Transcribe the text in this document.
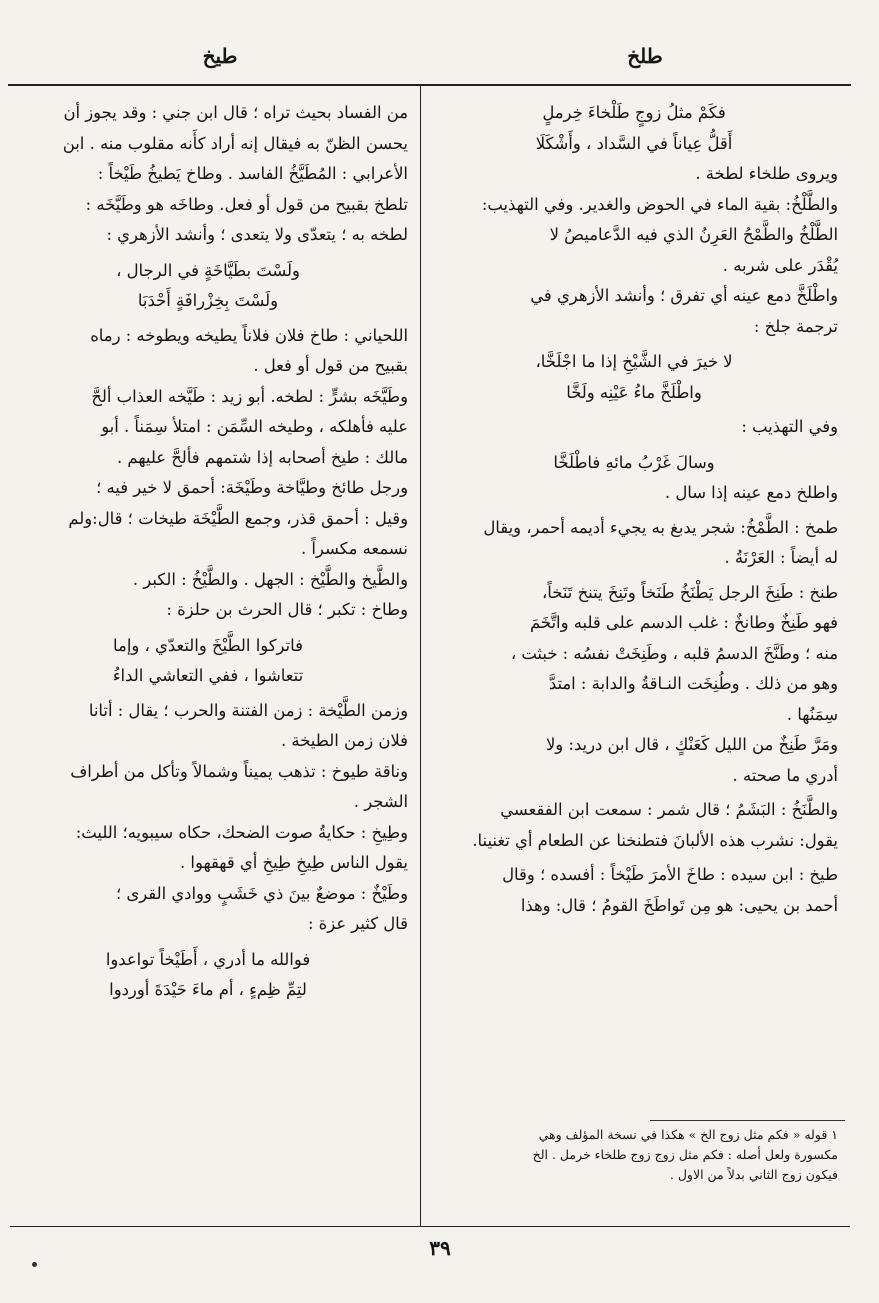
طلخ
طيخ

فكَمْ مثلُ زوجٍ طَلْخاءَ خِرملٍ

أَقلُّ عِياناً في السَّداد ، وأَشْكَلَا

ويروى طلخاء لطخة .

والطَّلْخُ: بقية الماء في الحوض والغدير. وفي التهذيب:

الطَّلْخُ والطَّمْحُ العَرِنُ الذي فيه الدَّعاميصُ لا

يُقْدَر على شربه .

واطْلَخَّ دمع عينه أي تفرق ؛ وأنشد الأزهري في

ترجمة جلخ :

لا خيرَ في الشَّيْخِ إذا ما اجْلَخَّا،

واطْلَخَّ ماءُ عَيْنِه ولَخَّا

وفي التهذيب :

وسالَ غَرْبُ مائهِ فاطْلَخَّا

واطلخ دمع عينه إذا سال .

طمخ : الطَّمْخُ: شجر يدبغ به يجيء أديمه أحمر، ويقال

له أيضاً : العَرْنَةُ .

طنخ : طَنِخَ الرجل يَطْنَخُ طَنَخاً وتَنِخَ يتنخ تَنَخاً،

فهو طَنِخٌ وطانخٌ : غلب الدسم على قلبه واتَّخَمَ

منه ؛ وطَنَّخَ الدسمُ قلبه ، وطَنِخَتْ نفسُه : خبثت ،

وهو من ذلك . وطُنِخَت النـاقةُ والدابة : امتدَّ

سِمَنُها .

ومَرَّ طَنِخٌ من الليل كَعَنْكٍ ، قال ابن دريد: ولا

أدري ما صحته .

والطَّنَخُ : البَشَمُ ؛ قال شمر : سمعت ابن الفقعسي

يقول: نشرب هذه الألبانَ فتطنخنا عن الطعام أي تغنينا.

طيخ : ابن سيده : طاخَ الأمرَ طَيْخاً : أفسده ؛ وقال

أحمد بن يحيى: هو مِن تَواطَخَ القومُ ؛ قال: وهذا

من الفساد بحيث تراه ؛ قال ابن جني : وقد يجوز أن

يحسن الظنّ به فيقال إنه أراد كأَنه مقلوب منه . ابن

الأعرابي : المُطَيَّخُ الفاسد . وطاخ يَطيخُ طَيْخاً :

تلطخ بقبيح من قول أو فعل. وطاخَه هو وطَيَّخَه :

لطخه به ؛ يتعدّى ولا يتعدى ؛ وأنشد الأزهري :

ولَسْتَ بطَيَّاخَةٍ في الرجال ،

ولَسْتَ بِخِزْرافَةٍ أَحْدَبَا

اللحياني : طاخ فلان فلاناً يطيخه ويطوخه : رماه

بقبيح من قول أو فعل .

وطَيَّخَه بشرٍّ : لطخه. أبو زيد : طَيَّخه العذاب ألحَّ

عليه فأهلكه ، وطيخه السِّمَن : امتلأ سِمَناً . أبو

مالك : طيخ أصحابه إذا شتمهم فألحَّ عليهم .

ورجل طائخ وطيَّاخة وطَيْخَة: أحمق لا خير فيه ؛

وقيل : أحمق قذر، وجمع الطَّيْخَة طيخات ؛ قال:ولم

نسمعه مكسراً .

والطَّيخ والطَّيْخ : الجهل . والطَّيْخُ : الكبر .

وطاخ : تكبر ؛ قال الحرث بن حلزة :

فاتركوا الطَّيْخَ والتعدّي ، وإما

تتعاشوا ، ففي التعاشي الداءُ

وزمن الطَّيْخة : زمن الفتنة والحرب ؛ يقال : أتانا

فلان زمن الطيخة .

وناقة طيوخ : تذهب يميناً وشمالاً وتأكل من أطراف

الشجر .

وطِيخِ : حكايةُ صوت الضحك، حكاه سيبويه؛ الليث:

يقول الناس طِيخِ طِيخِ أي قهقهوا .

وطَيْخٌ : موضعٌ بينَ ذي خَشَبٍ ووادي القرى ؛

قال كثير عزة :

فوالله ما أدري ، أَطَيْخاً تواعدوا

لتِمِّ ظِمءٍ ، أم ماءَ حَيْدَةَ أوردوا

١ قوله « فكم مثل زوج الخ » هكذا في نسخة المؤلف وهي

مكسورة ولعل أصله : فكم مثل زوج زوج طلخاء خرمل . الخ

فيكون زوج الثاني بدلاً من الاول .

٣٩
